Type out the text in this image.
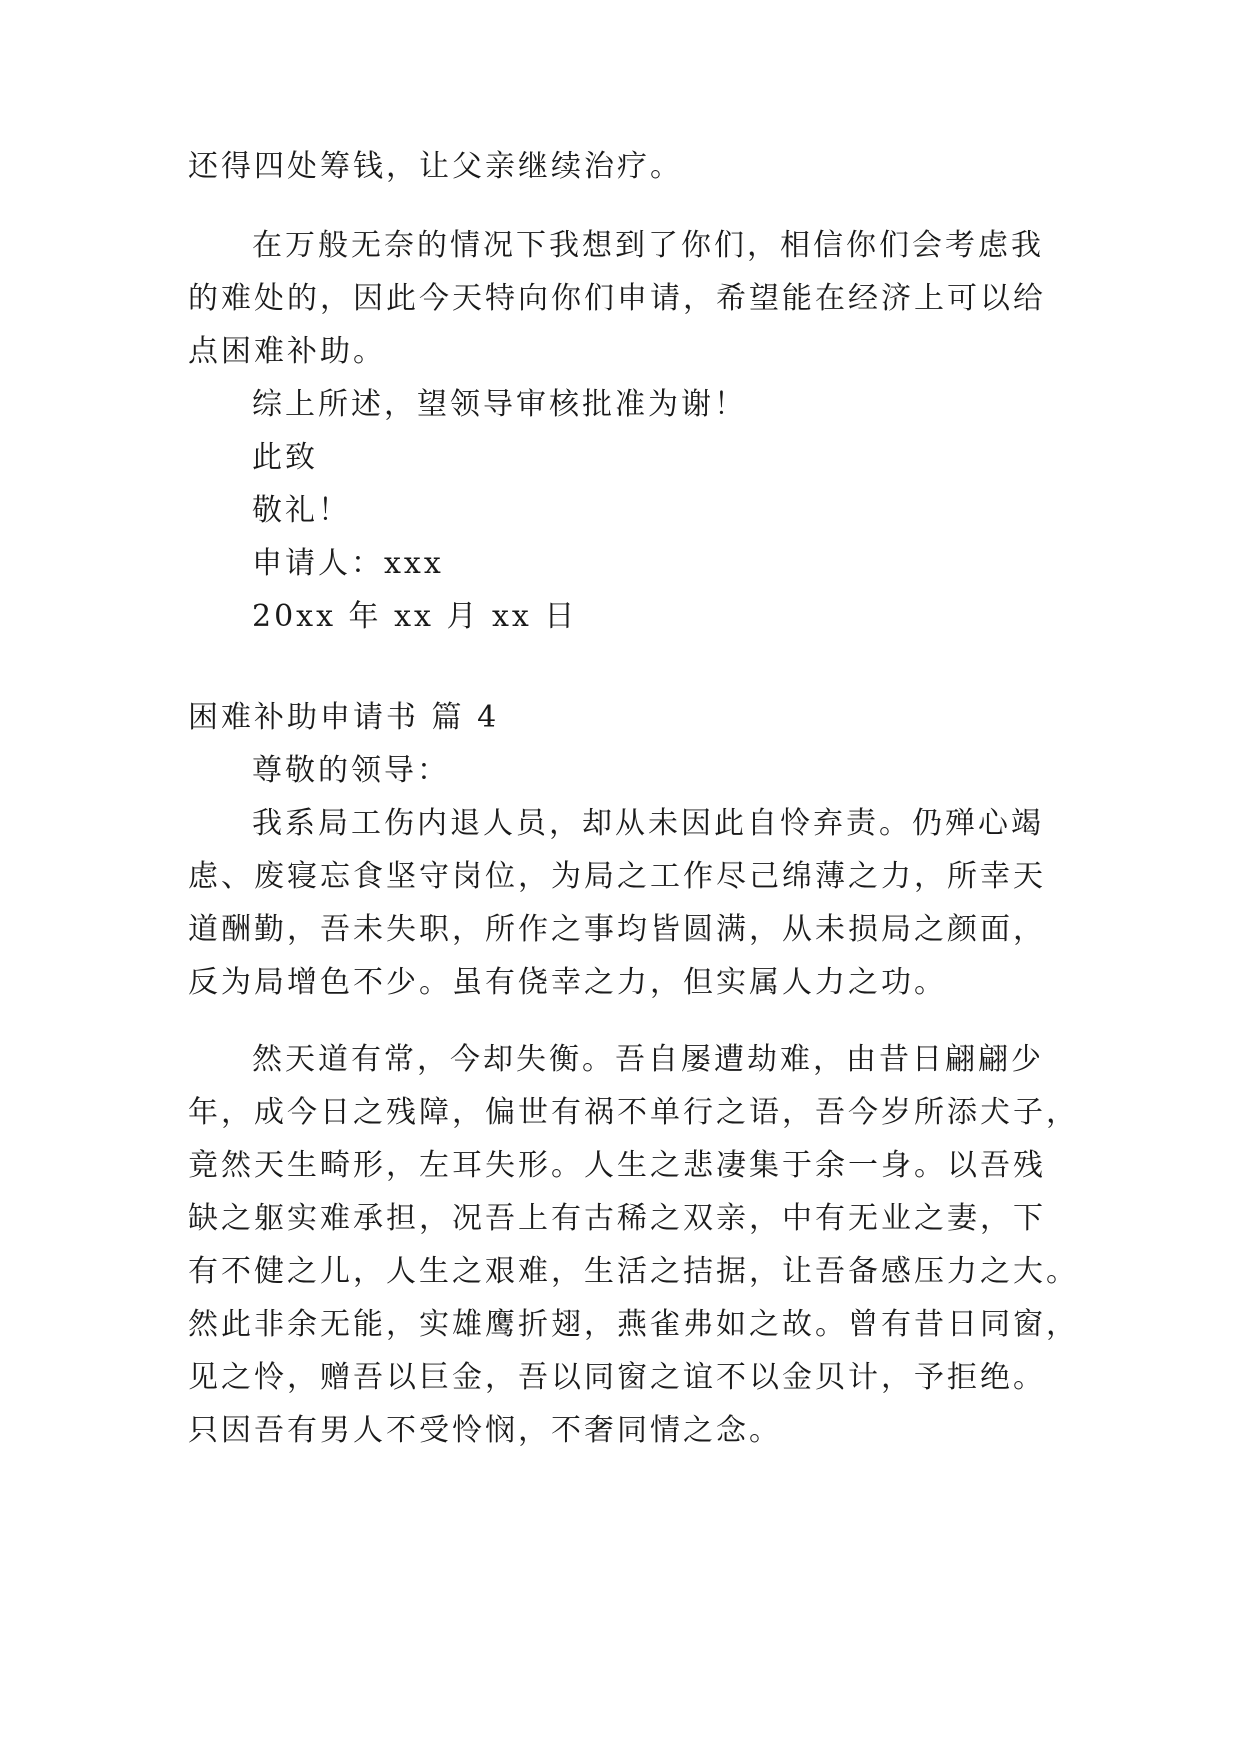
还得四处筹钱，让父亲继续治疗。
在万般无奈的情况下我想到了你们，相信你们会考虑我
的难处的，因此今天特向你们申请，希望能在经济上可以给
点困难补助。
综上所述，望领导审核批准为谢！
此致
敬礼！
申请人：xxx
20xx 年 xx 月 xx 日
困难补助申请书 篇 4
尊敬的领导：
我系局工伤内退人员，却从未因此自怜弃责。仍殚心竭
虑、废寝忘食坚守岗位，为局之工作尽己绵薄之力，所幸天
道酬勤，吾未失职，所作之事均皆圆满，从未损局之颜面，
反为局增色不少。虽有侥幸之力，但实属人力之功。
然天道有常，今却失衡。吾自屡遭劫难，由昔日翩翩少
年，成今日之残障，偏世有祸不单行之语，吾今岁所添犬子，
竟然天生畸形，左耳失形。人生之悲凄集于余一身。以吾残
缺之躯实难承担，况吾上有古稀之双亲，中有无业之妻，下
有不健之儿，人生之艰难，生活之拮据，让吾备感压力之大。
然此非余无能，实雄鹰折翅，燕雀弗如之故。曾有昔日同窗，
见之怜，赠吾以巨金，吾以同窗之谊不以金贝计，予拒绝。
只因吾有男人不受怜悯，不奢同情之念。
